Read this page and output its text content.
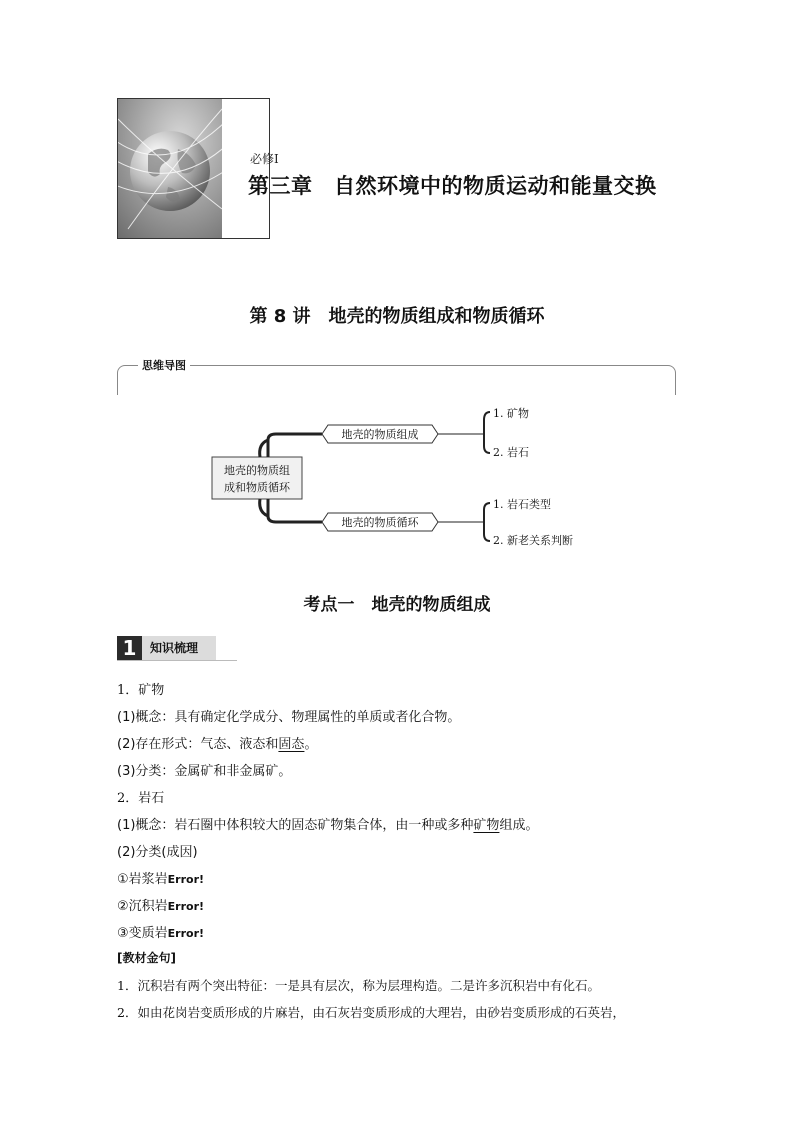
必修Ⅰ
第三章　自然环境中的物质运动和能量交换
第 8 讲　地壳的物质组成和物质循环
思维导图
地壳的物质组
成和物质循环
地壳的物质组成
1. 矿物
2. 岩石
地壳的物质循环
1. 岩石类型
2. 新老关系判断
考点一　地壳的物质组成
1	知识梳理
1．矿物
(1)概念：具有确定化学成分、物理属性的单质或者化合物。
(2)存在形式：气态、液态和固态。
(3)分类：金属矿和非金属矿。
2．岩石
(1)概念：岩石圈中体积较大的固态矿物集合体，由一种或多种矿物组成。
(2)分类(成因)
①岩浆岩Error!
②沉积岩Error!
③变质岩Error!
[教材金句]
1．沉积岩有两个突出特征：一是具有层次，称为层理构造。二是许多沉积岩中有化石。
2．如由花岗岩变质形成的片麻岩，由石灰岩变质形成的大理岩，由砂岩变质形成的石英岩，
